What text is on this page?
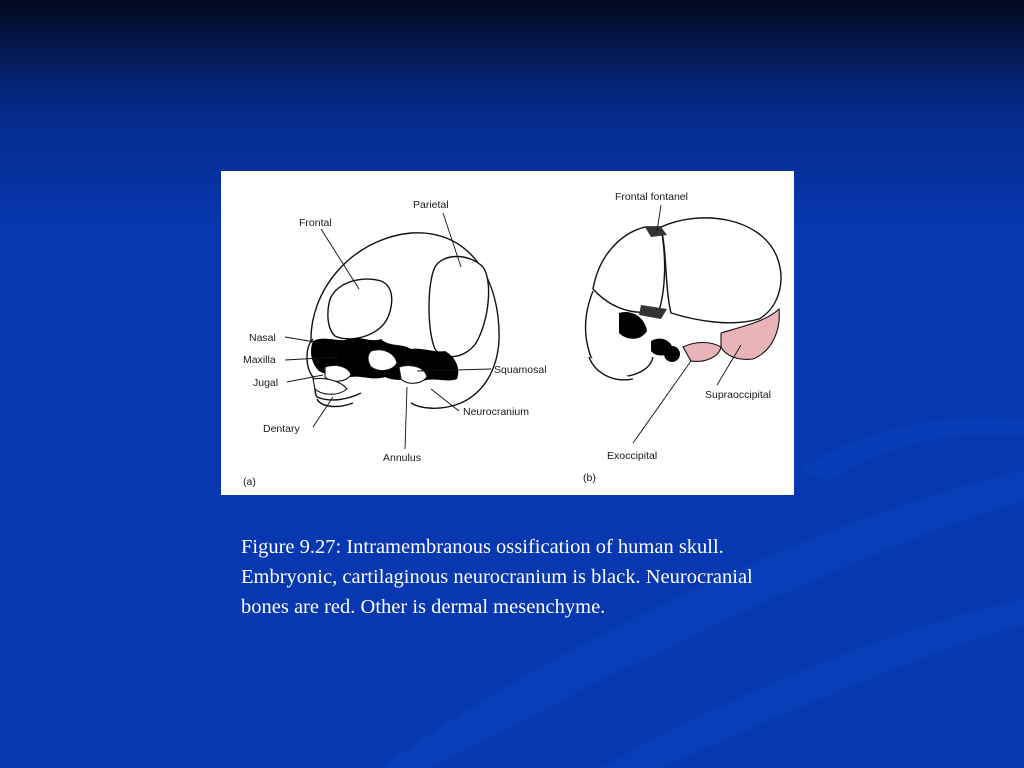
Frontal
Parietal
Nasal
Maxilla
Jugal
Dentary
Annulus
Squamosal
Neurocranium
(a)
Frontal fontanel
Supraoccipital
Exoccipital
(b)
Figure 9.27: Intramembranous ossification of human skull. Embryonic, cartilaginous neurocranium is black. Neurocranial bones are red. Other is dermal mesenchyme.
